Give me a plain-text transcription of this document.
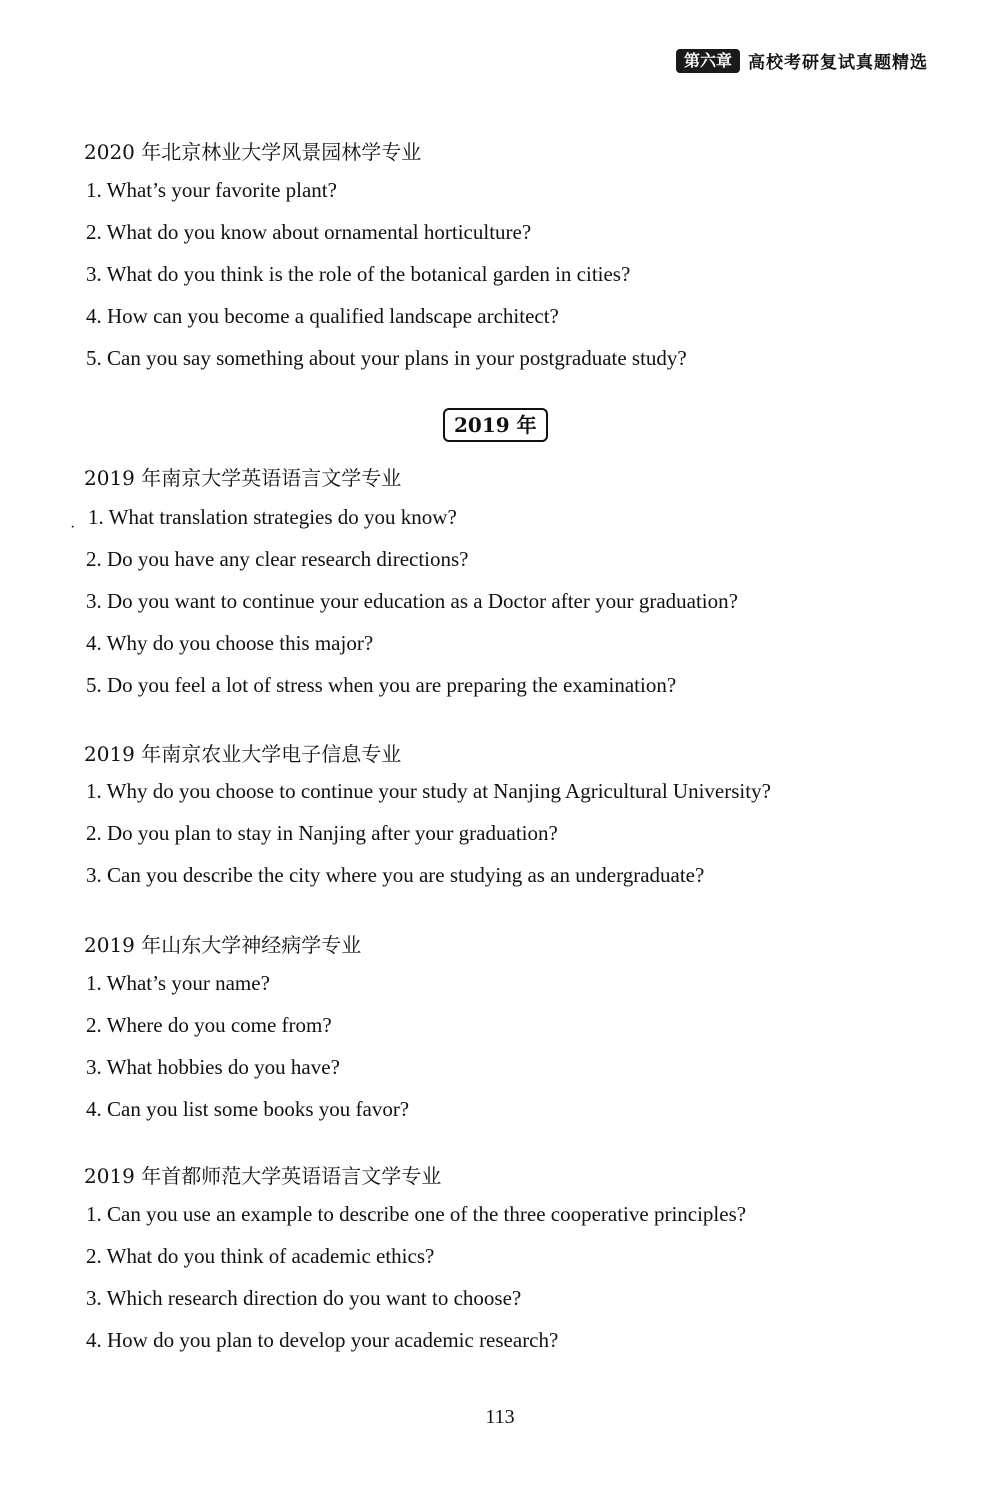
第六章 高校考研复试真题精选
2020 年北京林业大学风景园林学专业
1. What’s your favorite plant?
2. What do you know about ornamental horticulture?
3. What do you think is the role of the botanical garden in cities?
4. How can you become a qualified landscape architect?
5. Can you say something about your plans in your postgraduate study?
2019 年
2019 年南京大学英语语言文学专业
· 1. What translation strategies do you know?
2. Do you have any clear research directions?
3. Do you want to continue your education as a Doctor after your graduation?
4. Why do you choose this major?
5. Do you feel a lot of stress when you are preparing the examination?
2019 年南京农业大学电子信息专业
1. Why do you choose to continue your study at Nanjing Agricultural University?
2. Do you plan to stay in Nanjing after your graduation?
3. Can you describe the city where you are studying as an undergraduate?
2019 年山东大学神经病学专业
1. What’s your name?
2. Where do you come from?
3. What hobbies do you have?
4. Can you list some books you favor?
2019 年首都师范大学英语语言文学专业
1. Can you use an example to describe one of the three cooperative principles?
2. What do you think of academic ethics?
3. Which research direction do you want to choose?
4. How do you plan to develop your academic research?
113
